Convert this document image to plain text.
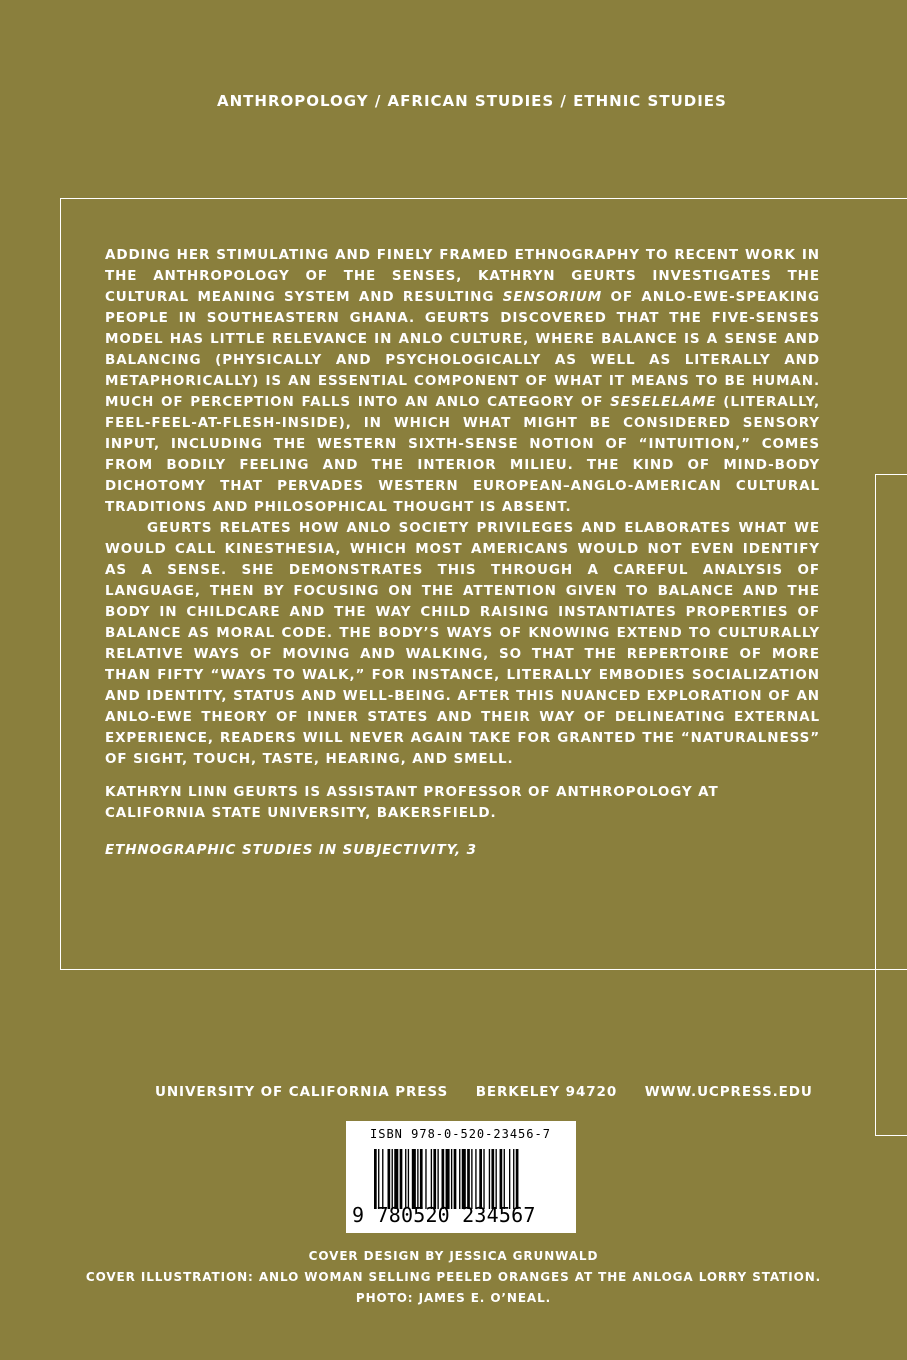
ANTHROPOLOGY / AFRICAN STUDIES / ETHNIC STUDIES

ADDING HER STIMULATING AND FINELY FRAMED ETHNOGRAPHY TO RECENT WORK IN THE ANTHROPOLOGY OF THE SENSES, KATHRYN GEURTS INVESTIGATES THE CULTURAL MEANING SYSTEM AND RESULTING SENSORIUM OF ANLO-EWE-SPEAKING PEOPLE IN SOUTHEASTERN GHANA. GEURTS DISCOVERED THAT THE FIVE-SENSES MODEL HAS LITTLE RELEVANCE IN ANLO CULTURE, WHERE BALANCE IS A SENSE AND BALANCING (PHYSICALLY AND PSYCHOLOGICALLY AS WELL AS LITERALLY AND METAPHORICALLY) IS AN ESSENTIAL COMPONENT OF WHAT IT MEANS TO BE HUMAN. MUCH OF PERCEPTION FALLS INTO AN ANLO CATEGORY OF SESELELAME (LITERALLY, FEEL-FEEL-AT-FLESH-INSIDE), IN WHICH WHAT MIGHT BE CONSIDERED SENSORY INPUT, INCLUDING THE WESTERN SIXTH-SENSE NOTION OF “INTUITION,” COMES FROM BODILY FEELING AND THE INTERIOR MILIEU. THE KIND OF MIND-BODY DICHOTOMY THAT PERVADES WESTERN EUROPEAN–ANGLO-AMERICAN CULTURAL TRADITIONS AND PHILOSOPHICAL THOUGHT IS ABSENT.

GEURTS RELATES HOW ANLO SOCIETY PRIVILEGES AND ELABORATES WHAT WE WOULD CALL KINESTHESIA, WHICH MOST AMERICANS WOULD NOT EVEN IDENTIFY AS A SENSE. SHE DEMONSTRATES THIS THROUGH A CAREFUL ANALYSIS OF LANGUAGE, THEN BY FOCUSING ON THE ATTENTION GIVEN TO BALANCE AND THE BODY IN CHILDCARE AND THE WAY CHILD RAISING INSTANTIATES PROPERTIES OF BALANCE AS MORAL CODE. THE BODY’S WAYS OF KNOWING EXTEND TO CULTURALLY RELATIVE WAYS OF MOVING AND WALKING, SO THAT THE REPERTOIRE OF MORE THAN FIFTY “WAYS TO WALK,” FOR INSTANCE, LITERALLY EMBODIES SOCIALIZATION AND IDENTITY, STATUS AND WELL-BEING. AFTER THIS NUANCED EXPLORATION OF AN ANLO-EWE THEORY OF INNER STATES AND THEIR WAY OF DELINEATING EXTERNAL EXPERIENCE, READERS WILL NEVER AGAIN TAKE FOR GRANTED THE “NATURALNESS” OF SIGHT, TOUCH, TASTE, HEARING, AND SMELL.

KATHRYN LINN GEURTS IS ASSISTANT PROFESSOR OF ANTHROPOLOGY AT CALIFORNIA STATE UNIVERSITY, BAKERSFIELD.

ETHNOGRAPHIC STUDIES IN SUBJECTIVITY, 3

UNIVERSITY OF CALIFORNIA PRESS BERKELEY 94720 WWW.UCPRESS.EDU
ISBN 978-0-520-23456-7
9 780520 234567
COVER DESIGN BY JESSICA GRUNWALD
COVER ILLUSTRATION: ANLO WOMAN SELLING PEELED ORANGES AT THE ANLOGA LORRY STATION.
PHOTO: JAMES E. O’NEAL.
